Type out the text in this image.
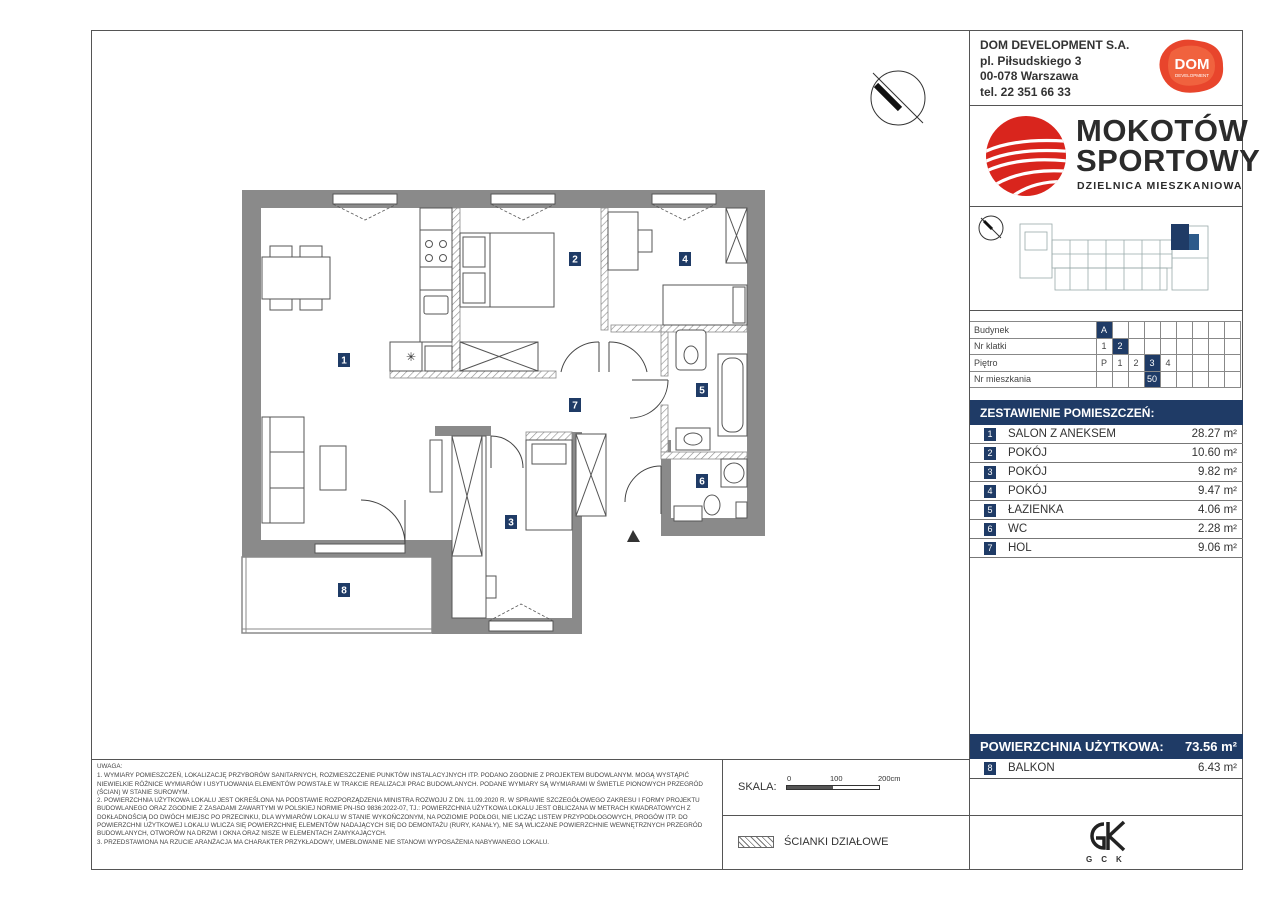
DOM DEVELOPMENT S.A.
pl. Piłsudskiego 3
00-078 Warszawa
tel. 22 351 66 33
DOM
DEVELOPMENT
MOKOTÓW
SPORTOWY
DZIELNICA MIESZKANIOWA
Budynek	A								
Nr klatki	1	2							
Piętro	P	1	2	3	4				
Nr mieszkania				50					
ZESTAWIENIE POMIESZCZEŃ:
1	SALON Z ANEKSEM	28.27 m²
2	POKÓJ	10.60 m²
3	POKÓJ	9.82 m²
4	POKÓJ	9.47 m²
5	ŁAZIENKA	4.06 m²
6	WC	2.28 m²
7	HOL	9.06 m²
POWIERZCHNIA UŻYTKOWA: 73.56 m²
8	BALKON	6.43 m²
GCK
UWAGA:
1. WYMIARY POMIESZCZEŃ, LOKALIZACJĘ PRZYBORÓW SANITARNYCH, ROZMIESZCZENIE PUNKTÓW INSTALACYJNYCH ITP. PODANO ZGODNIE Z PROJEKTEM BUDOWLANYM. MOGĄ WYSTĄPIĆ NIEWIELKIE RÓŻNICE WYMIARÓW I USYTUOWANIA ELEMENTÓW POWSTAŁE W TRAKCIE REALIZACJI PRAC BUDOWLANYCH. PODANE WYMIARY SĄ WYMIARAMI W ŚWIETLE PIONOWYCH PRZEGRÓD (ŚCIAN) W STANIE SUROWYM.
2. POWIERZCHNIA UŻYTKOWA LOKALU JEST OKREŚLONA NA PODSTAWIE ROZPORZĄDZENIA MINISTRA ROZWOJU Z DN. 11.09.2020 R. W SPRAWIE SZCZEGÓŁOWEGO ZAKRESU I FORMY PROJEKTU BUDOWLANEGO ORAZ ZGODNIE Z ZASADAMI ZAWARTYMI W POLSKIEJ NORMIE PN-ISO 9836:2022-07, TJ.: POWIERZCHNIA UŻYTKOWA LOKALU JEST OBLICZANA W METRACH KWADRATOWYCH Z DOKŁADNOŚCIĄ DO DWÓCH MIEJSC PO PRZECINKU, DLA WYMIARÓW LOKALU W STANIE WYKOŃCZONYM, NA POZIOMIE PODŁOGI, NIE LICZĄC LISTEW PRZYPODŁOGOWYCH, PROGÓW ITP. DO POWIERZCHNI UŻYTKOWEJ LOKALU WLICZA SIĘ POWIERZCHNIĘ ELEMENTÓW NADAJĄCYCH SIĘ DO DEMONTAŻU (RURY, KANAŁY), NIE SĄ WLICZANE POWIERZCHNIE WEWNĘTRZNYCH PRZEGRÓD BUDOWLANYCH, OTWORÓW NA DRZWI I OKNA ORAZ NISZE W ELEMENTACH ZAMYKAJĄCYCH.
3. PRZEDSTAWIONA NA RZUCIE ARANŻACJA MA CHARAKTER PRZYKŁADOWY, UMEBLOWANIE NIE STANOWI WYPOSAŻENIA NABYWANEGO LOKALU.
SKALA:
0	100	200cm
ŚCIANKI DZIAŁOWE
✳
1
2
3
4
5
6
7
8
